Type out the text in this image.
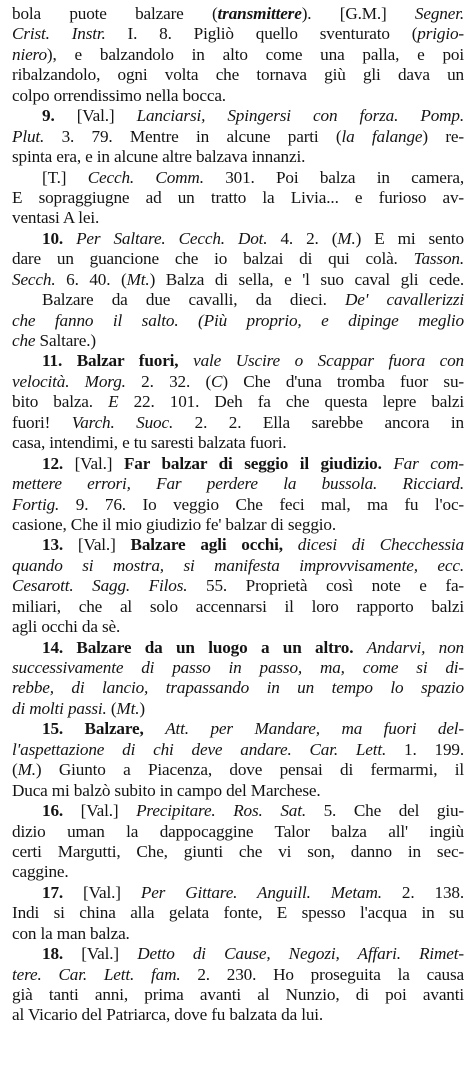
bola puote balzare (transmittere). [G.M.] Segner.
Crist. Instr. I. 8. Pigliò quello sventurato (prigio-
niero), e balzandolo in alto come una palla, e poi
ribalzandolo, ogni volta che tornava giù gli dava un
colpo orrendissimo nella bocca.
9. [Val.] Lanciarsi, Spingersi con forza. Pomp.
Plut. 3. 79. Mentre in alcune parti (la falange) re-
spinta era, e in alcune altre balzava innanzi.
[T.] Cecch. Comm. 301. Poi balza in camera,
E sopraggiugne ad un tratto la Livia... e furioso av-
ventasi A lei.
10. Per Saltare. Cecch. Dot. 4. 2. (M.) E mi sento
dare un guancione che io balzai di qui colà. Tasson.
Secch. 6. 40. (Mt.) Balza di sella, e 'l suo caval gli cede.
Balzare da due cavalli, da dieci. De' cavallerizzi
che fanno il salto. (Più proprio, e dipinge meglio
che Saltare.)
11. Balzar fuori, vale Uscire o Scappar fuora con
velocità. Morg. 2. 32. (C) Che d'una tromba fuor su-
bito balza. E 22. 101. Deh fa che questa lepre balzi
fuori! Varch. Suoc. 2. 2. Ella sarebbe ancora in
casa, intendimi, e tu saresti balzata fuori.
12. [Val.] Far balzar di seggio il giudizio. Far com-
mettere errori, Far perdere la bussola. Ricciard.
Fortig. 9. 76. Io veggio Che feci mal, ma fu l'oc-
casione, Che il mio giudizio fe' balzar di seggio.
13. [Val.] Balzare agli occhi, dicesi di Checchessia
quando si mostra, si manifesta improvvisamente, ecc.
Cesarott. Sagg. Filos. 55. Proprietà così note e fa-
miliari, che al solo accennarsi il loro rapporto balzi
agli occhi da sè.
14. Balzare da un luogo a un altro. Andarvi, non
successivamente di passo in passo, ma, come si di-
rebbe, di lancio, trapassando in un tempo lo spazio
di molti passi. (Mt.)
15. Balzare, Att. per Mandare, ma fuori del-
l'aspettazione di chi deve andare. Car. Lett. 1. 199.
(M.) Giunto a Piacenza, dove pensai di fermarmi, il
Duca mi balzò subito in campo del Marchese.
16. [Val.] Precipitare. Ros. Sat. 5. Che del giu-
dizio uman la dappocaggine Talor balza all' ingiù
certi Margutti, Che, giunti che vi son, danno in sec-
caggine.
17. [Val.] Per Gittare. Anguill. Metam. 2. 138.
Indi si china alla gelata fonte, E spesso l'acqua in su
con la man balza.
18. [Val.] Detto di Cause, Negozi, Affari. Rimet-
tere. Car. Lett. fam. 2. 230. Ho proseguita la causa
già tanti anni, prima avanti al Nunzio, di poi avanti
al Vicario del Patriarca, dove fu balzata da lui.
